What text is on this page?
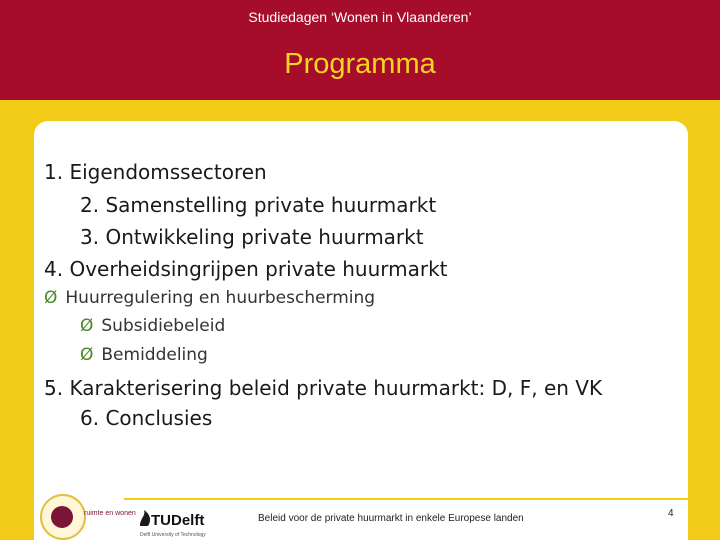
Studiedagen ‘Wonen in Vlaanderen’
Programma
1. Eigendomssectoren
2. Samenstelling private huurmarkt
3. Ontwikkeling private huurmarkt
4. Overheidsingrijpen private huurmarkt
Ø Huurregulering en huurbescherming
Ø Subsidiebeleid
Ø Bemiddeling
5. Karakterisering beleid private huurmarkt: D, F, en VK
6. Conclusies
ruimte en wonen TUDelft
Delft University of Technology
Beleid voor de private huurmarkt in enkele Europese landen	4
